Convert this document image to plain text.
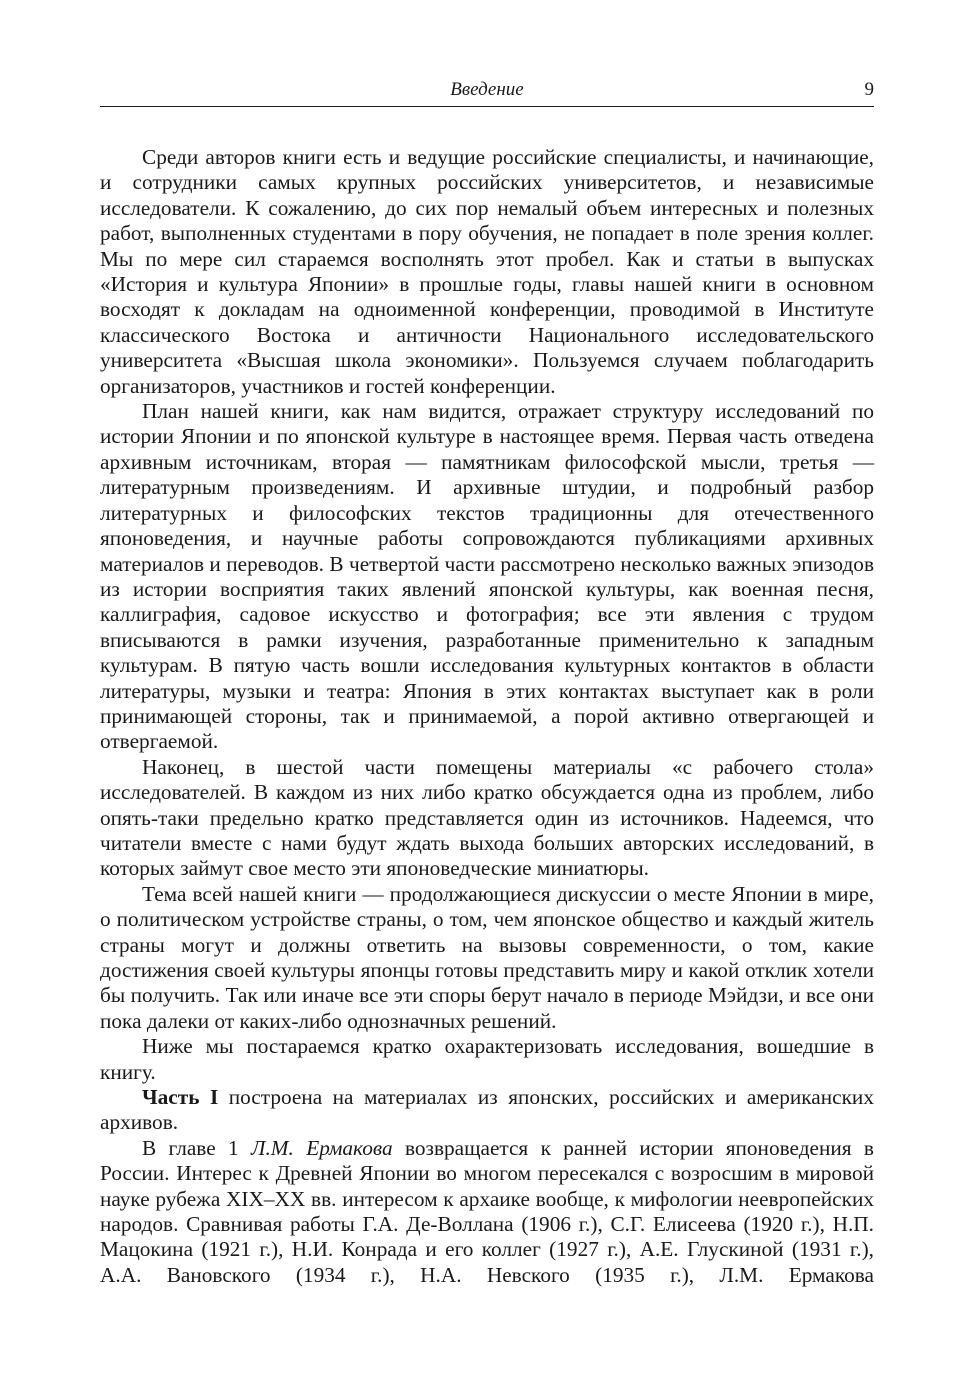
Введение	9

Среди авторов книги есть и ведущие российские специалисты, и начинающие, и сотрудники самых крупных российских университетов, и независимые исследователи. К сожалению, до сих пор немалый объем интересных и полезных работ, выполненных студентами в пору обучения, не попадает в поле зрения коллег. Мы по мере сил стараемся восполнять этот пробел. Как и статьи в выпусках «История и культура Японии» в прошлые годы, главы нашей книги в основном восходят к докладам на одноименной конференции, проводимой в Институте классического Востока и античности Национального исследовательского университета «Высшая школа экономики». Пользуемся случаем поблагодарить организаторов, участников и гостей конференции.

План нашей книги, как нам видится, отражает структуру исследований по истории Японии и по японской культуре в настоящее время. Первая часть отведена архивным источникам, вторая — памятникам философской мысли, третья — литературным произведениям. И архивные штудии, и подробный разбор литературных и философских текстов традиционны для отечественного японоведения, и научные работы сопровождаются публикациями архивных материалов и переводов. В четвертой части рассмотрено несколько важных эпизодов из истории восприятия таких явлений японской культуры, как военная песня, каллиграфия, садовое искусство и фотография; все эти явления с трудом вписываются в рамки изучения, разработанные применительно к западным культурам. В пятую часть вошли исследования культурных контактов в области литературы, музыки и театра: Япония в этих контактах выступает как в роли принимающей стороны, так и принимаемой, а порой активно отвергающей и отвергаемой.

Наконец, в шестой части помещены материалы «с рабочего стола» исследователей. В каждом из них либо кратко обсуждается одна из проблем, либо опять-таки предельно кратко представляется один из источников. Надеемся, что читатели вместе с нами будут ждать выхода больших авторских исследований, в которых займут свое место эти японоведческие миниатюры.

Тема всей нашей книги — продолжающиеся дискуссии о месте Японии в мире, о политическом устройстве страны, о том, чем японское общество и каждый житель страны могут и должны ответить на вызовы современности, о том, какие достижения своей культуры японцы готовы представить миру и какой отклик хотели бы получить. Так или иначе все эти споры берут начало в периоде Мэйдзи, и все они пока далеки от каких-либо однозначных решений.

Ниже мы постараемся кратко охарактеризовать исследования, вошедшие в книгу.

Часть I построена на материалах из японских, российских и американских архивов.

В главе 1 Л.М. Ермакова возвращается к ранней истории японоведения в России. Интерес к Древней Японии во многом пересекался с возросшим в мировой науке рубежа XIX–XX вв. интересом к архаике вообще, к мифологии неевропейских народов. Сравнивая работы Г.А. Де-Воллана (1906 г.), С.Г. Елисеева (1920 г.), Н.П. Мацокина (1921 г.), Н.И. Конрада и его коллег (1927 г.), А.Е. Глускиной (1931 г.), А.А. Вановского (1934 г.), Н.А. Невского (1935 г.), Л.М. Ермакова
